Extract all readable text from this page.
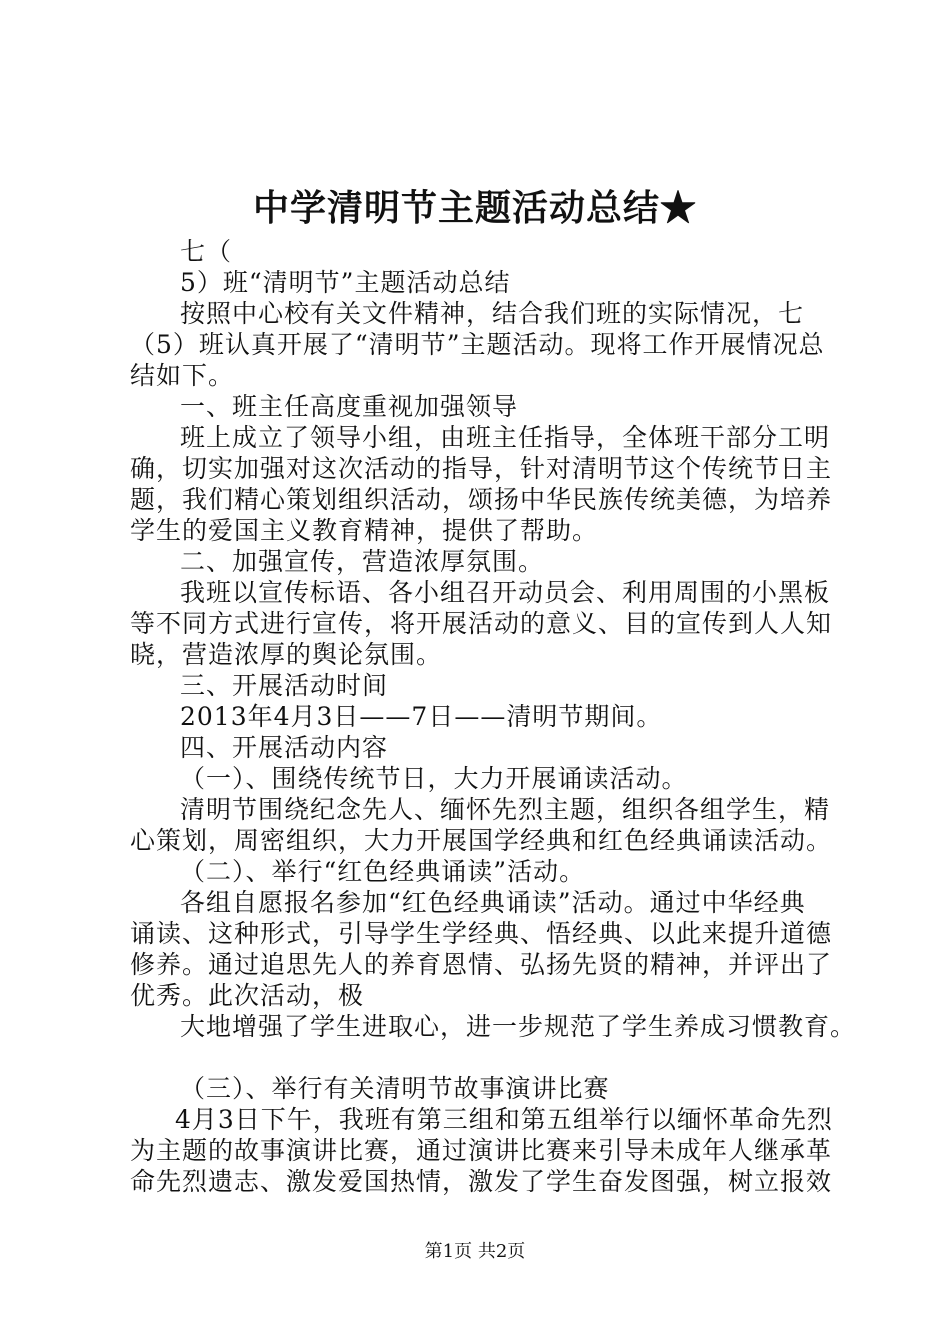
中学清明节主题活动总结★
七（
5）班“清明节”主题活动总结
按照中心校有关文件精神，结合我们班的实际情况，七
（5）班认真开展了“清明节”主题活动。现将工作开展情况总
结如下。
一、班主任高度重视加强领导
班上成立了领导小组，由班主任指导，全体班干部分工明
确，切实加强对这次活动的指导，针对清明节这个传统节日主
题，我们精心策划组织活动，颂扬中华民族传统美德，为培养
学生的爱国主义教育精神，提供了帮助。
二、加强宣传，营造浓厚氛围。
我班以宣传标语、各小组召开动员会、利用周围的小黑板
等不同方式进行宣传，将开展活动的意义、目的宣传到人人知
晓，营造浓厚的舆论氛围。
三、开展活动时间
2013年4月3日——7日——清明节期间。
四、开展活动内容
（一）、围绕传统节日，大力开展诵读活动。
清明节围绕纪念先人、缅怀先烈主题，组织各组学生，精
心策划，周密组织，大力开展国学经典和红色经典诵读活动。
（二）、举行“红色经典诵读”活动。
各组自愿报名参加“红色经典诵读”活动。通过中华经典
诵读、这种形式，引导学生学经典、悟经典、以此来提升道德
修养。通过追思先人的养育恩情、弘扬先贤的精神，并评出了
优秀。此次活动，极
大地增强了学生进取心，进一步规范了学生养成习惯教育。
（三）、举行有关清明节故事演讲比赛
4月3日下午，我班有第三组和第五组举行以缅怀革命先烈
为主题的故事演讲比赛，通过演讲比赛来引导未成年人继承革
命先烈遗志、激发爱国热情，激发了学生奋发图强，树立报效
第1页 共2页
